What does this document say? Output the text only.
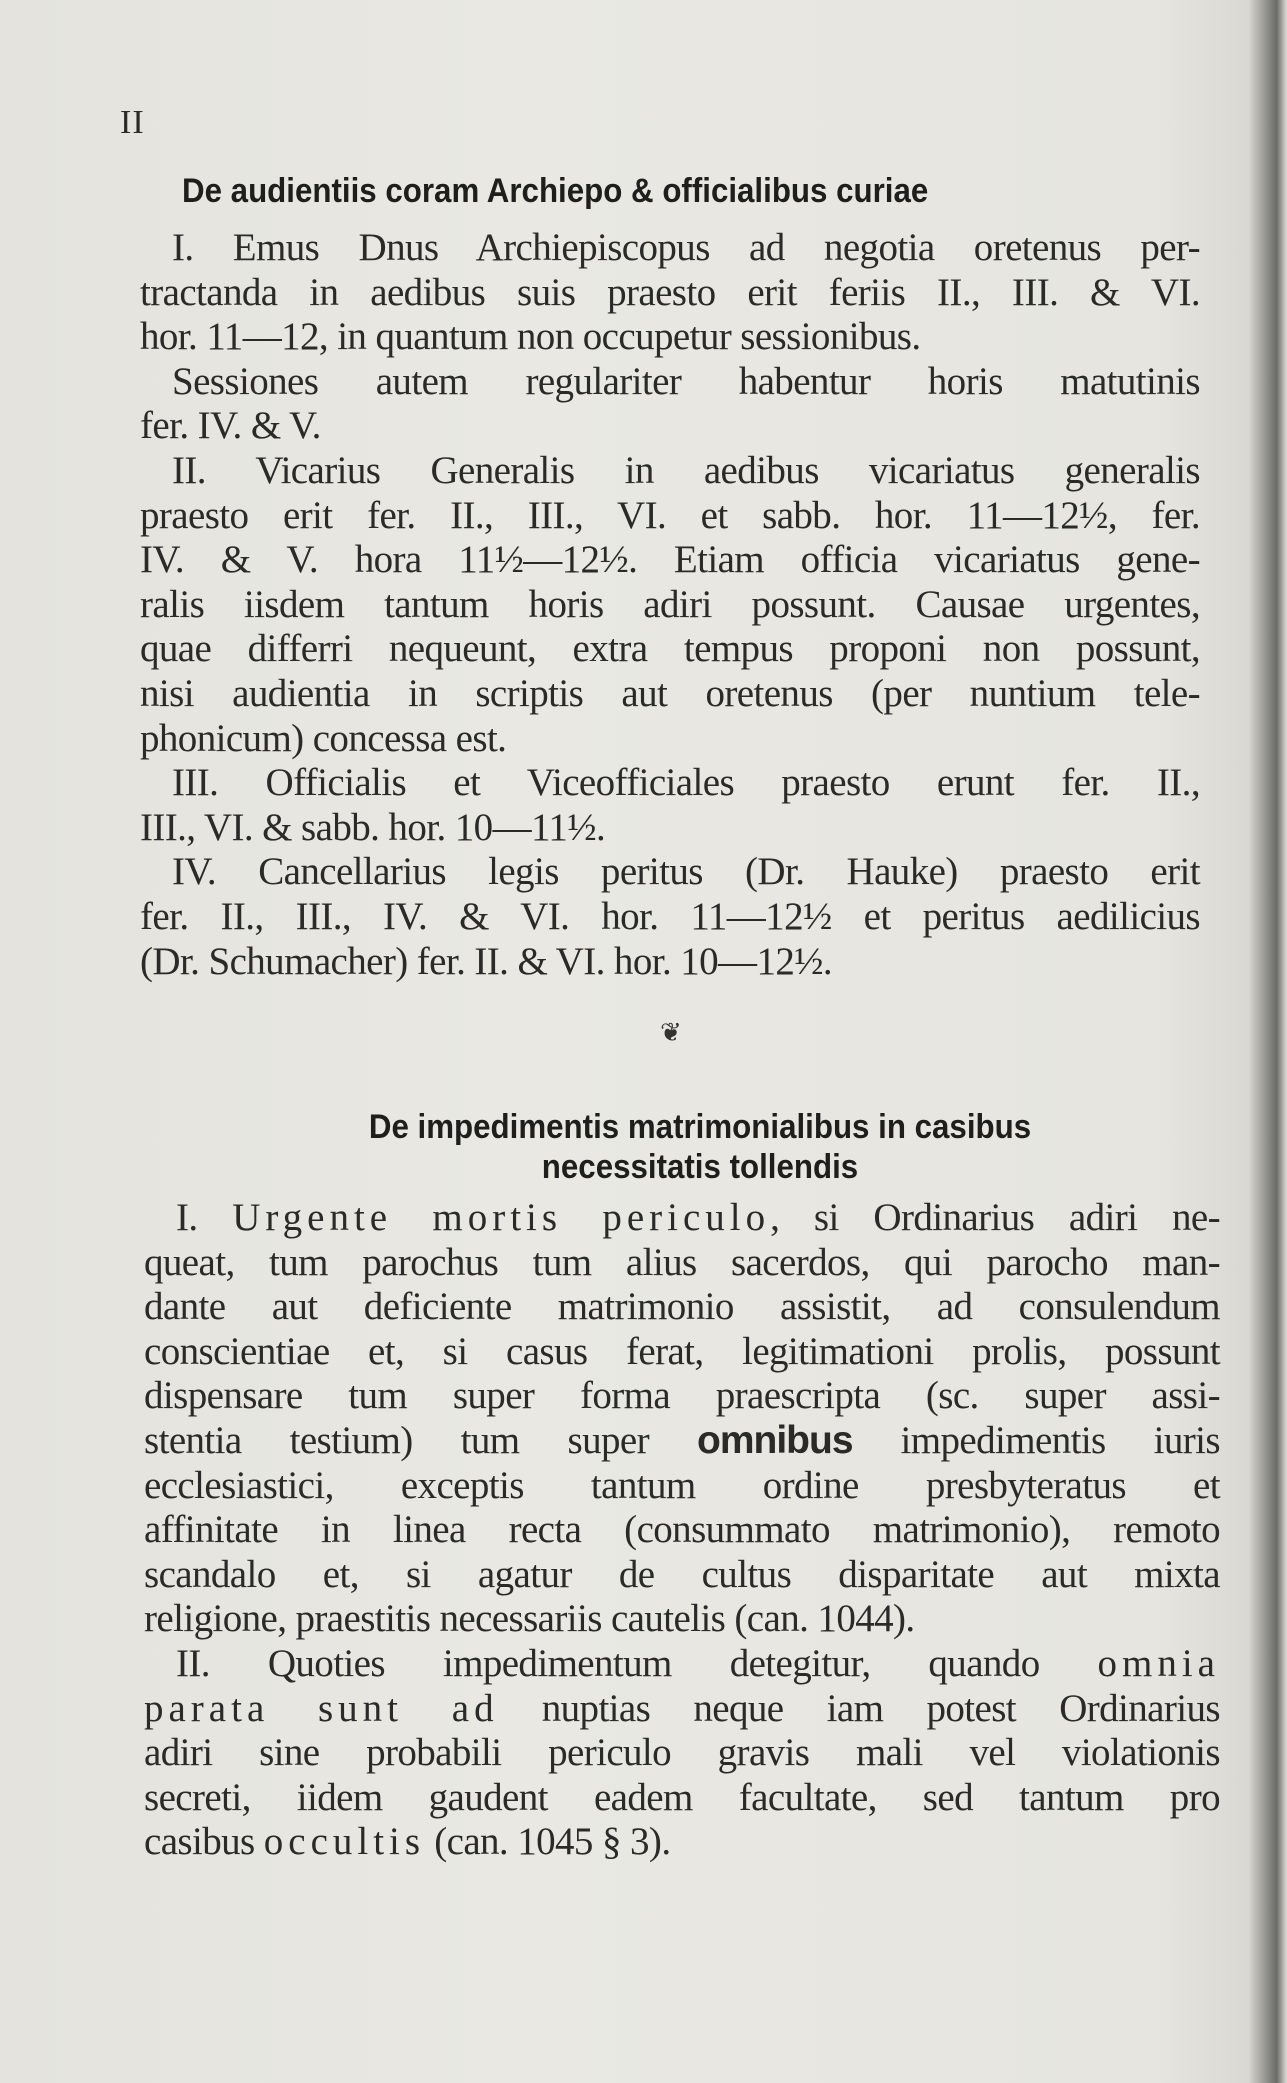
II
De audientiis coram Archiepo & officialibus curiae
I. Emus Dnus Archiepiscopus ad negotia oretenus per-
tractanda in aedibus suis praesto erit feriis II., III. & VI.
hor. 11—12, in quantum non occupetur sessionibus.
Sessiones autem regulariter habentur horis matutinis
fer. IV. & V.
II. Vicarius Generalis in aedibus vicariatus generalis
praesto erit fer. II., III., VI. et sabb. hor. 11—12½, fer.
IV. & V. hora 11½—12½. Etiam officia vicariatus gene-
ralis iisdem tantum horis adiri possunt. Causae urgentes,
quae differri nequeunt, extra tempus proponi non possunt,
nisi audientia in scriptis aut oretenus (per nuntium tele-
phonicum) concessa est.
III. Officialis et Viceofficiales praesto erunt fer. II.,
III., VI. & sabb. hor. 10—11½.
IV. Cancellarius legis peritus (Dr. Hauke) praesto erit
fer. II., III., IV. & VI. hor. 11—12½ et peritus aedilicius
(Dr. Schumacher) fer. II. & VI. hor. 10—12½.
❦
De impedimentis matrimonialibus in casibus
necessitatis tollendis
I. Urgente mortis periculo, si Ordinarius adiri ne-
queat, tum parochus tum alius sacerdos, qui parocho man-
dante aut deficiente matrimonio assistit, ad consulendum
conscientiae et, si casus ferat, legitimationi prolis, possunt
dispensare tum super forma praescripta (sc. super assi-
stentia testium) tum super omnibus impedimentis iuris
ecclesiastici, exceptis tantum ordine presbyteratus et
affinitate in linea recta (consummato matrimonio), remoto
scandalo et, si agatur de cultus disparitate aut mixta
religione, praestitis necessariis cautelis (can. 1044).
II. Quoties impedimentum detegitur, quando omnia
parata sunt ad nuptias neque iam potest Ordinarius
adiri sine probabili periculo gravis mali vel violationis
secreti, iidem gaudent eadem facultate, sed tantum pro
casibus occultis (can. 1045 § 3).
